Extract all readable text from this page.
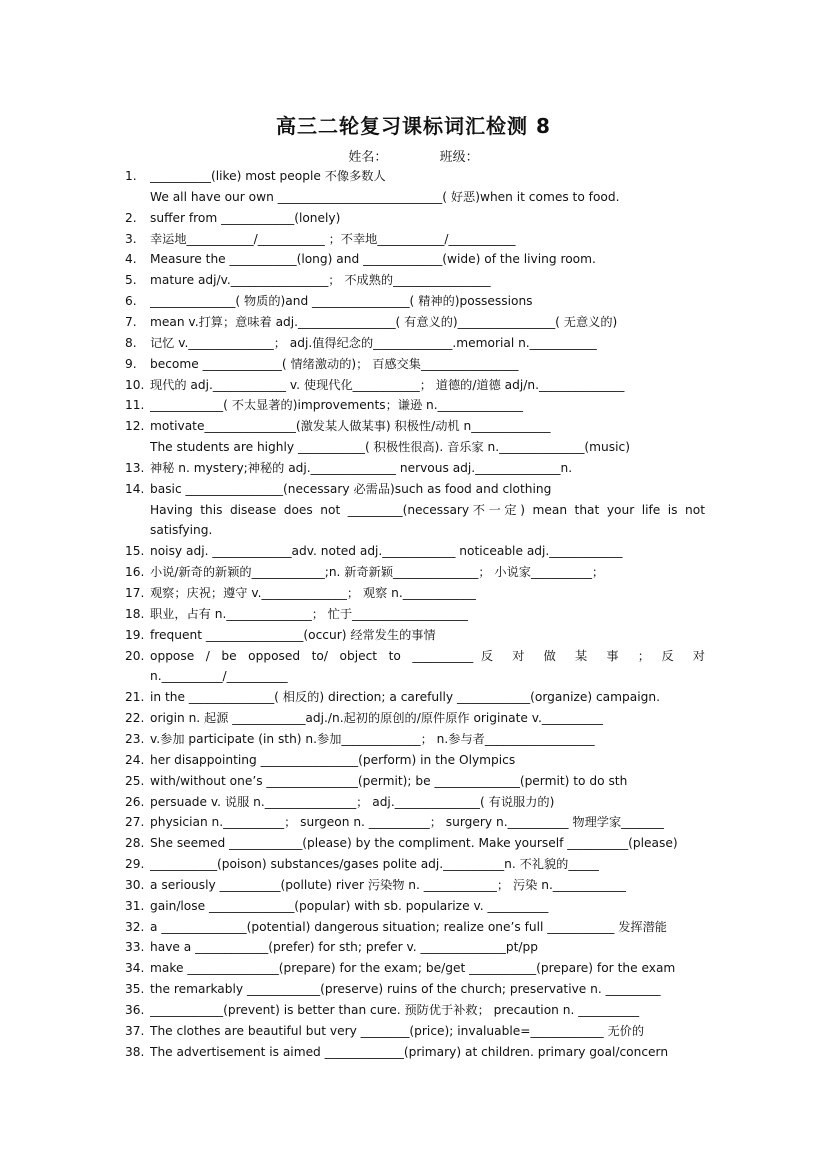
高三二轮复习课标词汇检测 8
姓名：	班级：
1.	__________(like) most people 不像多数人
We all have our own ___________________________( 好恶)when it comes to food.
2.	suffer from ____________(lonely)
3.	幸运地___________/___________ ；不幸地___________/___________
4.	Measure the ___________(long) and _____________(wide) of the living room.
5.	mature adj/v.________________； 不成熟的________________
6.	______________( 物质的)and ________________( 精神的)possessions
7.	mean v.打算；意味着 adj.________________( 有意义的)________________( 无意义的)
8.	记忆 v.______________； adj.值得纪念的_____________.memorial n.___________
9.	become _____________( 情绪激动的)； 百感交集________________
10. 现代的 adj.____________ v. 使现代化___________； 道德的/道德 adj/n.______________
11. ____________( 不太显著的)improvements；谦逊 n.______________
12. motivate_______________(激发某人做某事) 积极性/动机 n_____________
The students are highly ___________( 积极性很高). 音乐家 n.______________(music)
13. 神秘 n. mystery;神秘的 adj.______________ nervous adj.______________n.
14. basic ________________(necessary 必需品)such as food and clothing
Having this disease does not _________(necessary不一定) mean that your life is not
satisfying.
15. noisy adj. _____________adv. noted adj.____________ noticeable adj.____________
16. 小说/新奇的新颖的____________;n. 新奇新颖______________； 小说家__________；
17. 观察；庆祝；遵守 v.______________； 观察 n.____________
18. 职业，占有 n.______________； 忙于___________________
19. frequent ________________(occur) 经常发生的事情
20. oppose / be opposed to/ object to __________反 对 做 某 事 ； 反 对
n.__________/__________
21. in the ______________( 相反的) direction; a carefully ____________(organize) campaign.
22. origin n. 起源 ____________adj./n.起初的原创的/原件原作 originate v.__________
23. v.参加 participate (in sth) n.参加_____________； n.参与者__________________
24. her disappointing ________________(perform) in the Olympics
25. with/without one’s _______________(permit); be ______________(permit) to do sth
26. persuade v. 说服 n._______________； adj.______________( 有说服力的)
27. physician n.__________； surgeon n. __________； surgery n.__________ 物理学家_______
28. She seemed ____________(please) by the compliment. Make yourself __________(please)
29. ___________(poison) substances/gases polite adj.__________n. 不礼貌的_____
30. a seriously __________(pollute) river 污染物 n. ____________； 污染 n.____________
31. gain/lose ______________(popular) with sb. popularize v. __________
32. a ______________(potential) dangerous situation; realize one’s full ___________ 发挥潜能
33. have a ____________(prefer) for sth; prefer v. ______________pt/pp
34. make _______________(prepare) for the exam; be/get ___________(prepare) for the exam
35. the remarkably ____________(preserve) ruins of the church; preservative n. _________
36. ____________(prevent) is better than cure. 预防优于补救； precaution n. __________
37. The clothes are beautiful but very ________(price); invaluable=____________ 无价的
38. The advertisement is aimed _____________(primary) at children. primary goal/concern
